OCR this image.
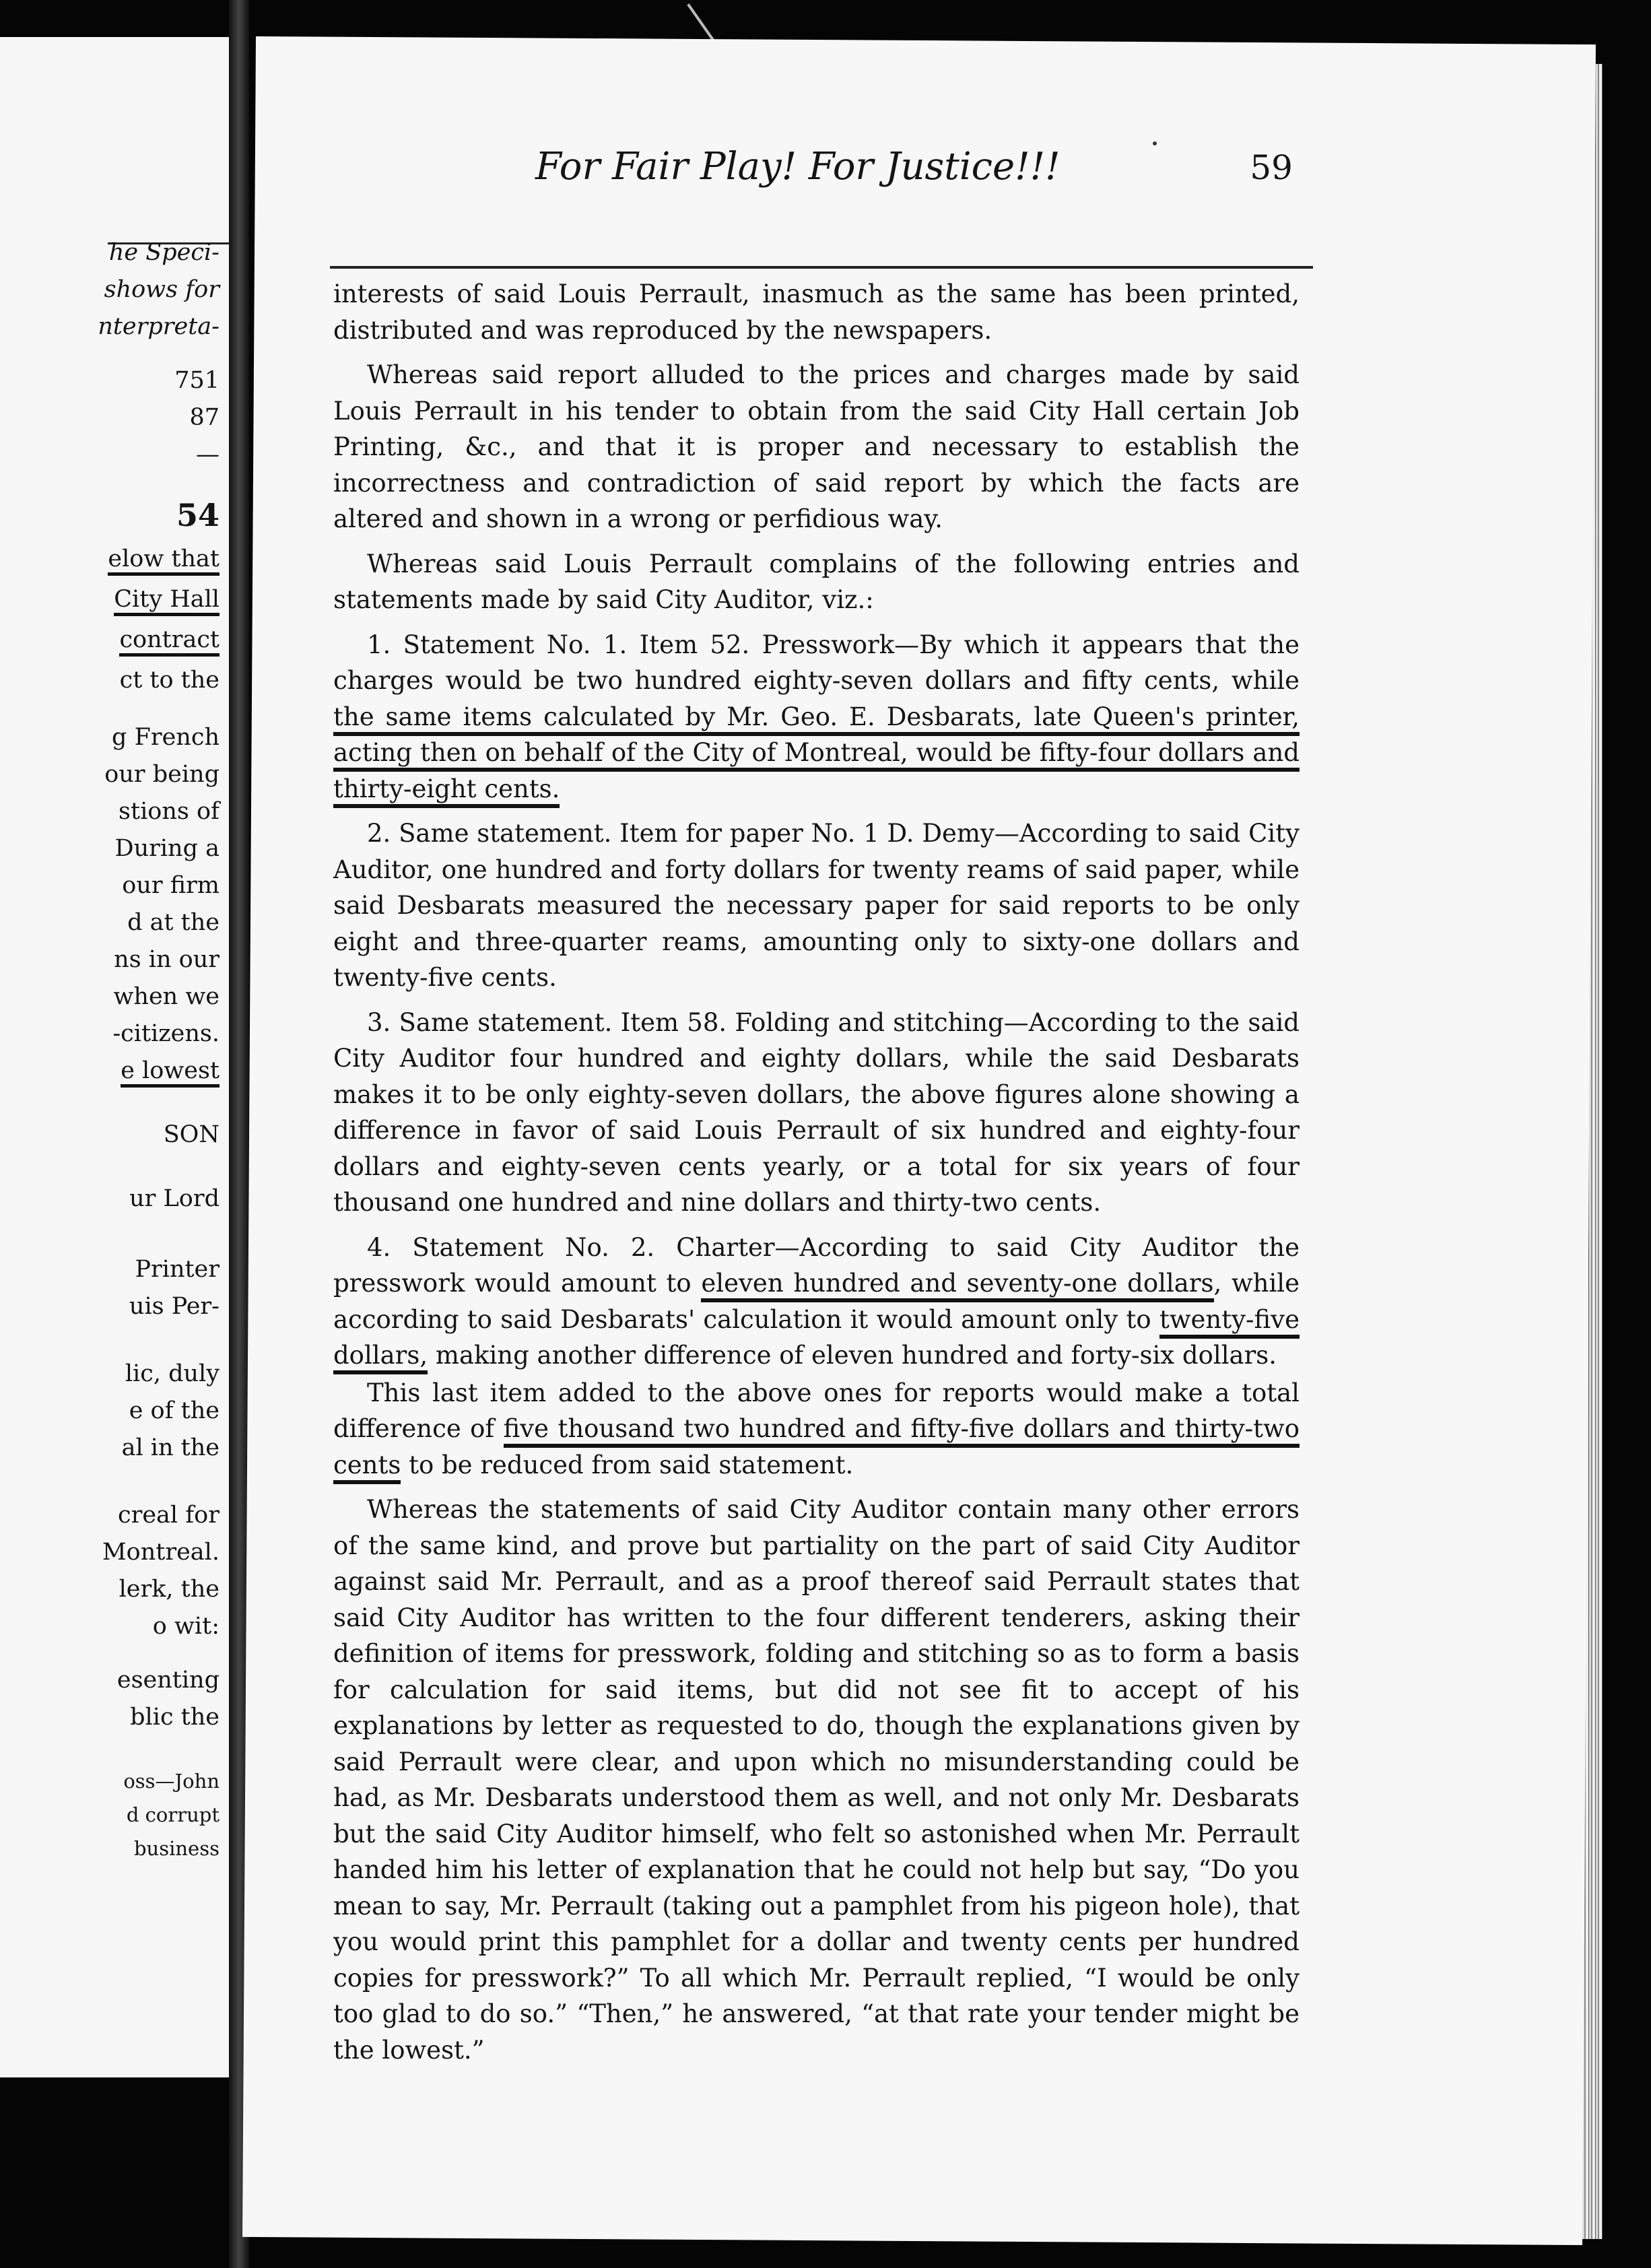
he Speci-
shows for
nterpreta-
751
87
—
54
elow that
City Hall
contract
ct to the
g French
our being
stions of
During a
our firm
d at the
ns in our
when we
-citizens.
e lowest
SON
ur Lord
Printer
uis Per-
lic, duly
e of the
al in the
creal for
Montreal.
lerk, the
o wit:
esenting
blic the
oss—John
d corrupt
business
For Fair Play! For Justice!!!	59

interests of said Louis Perrault, inasmuch as the same has been printed, distributed and was reproduced by the newspapers.

Whereas said report alluded to the prices and charges made by said Louis Perrault in his tender to obtain from the said City Hall certain Job Printing, &c., and that it is proper and necessary to establish the incorrectness and contradiction of said report by which the facts are altered and shown in a wrong or perfidious way.

Whereas said Louis Perrault complains of the following entries and statements made by said City Auditor, viz.:

1. Statement No. 1. Item 52. Presswork—By which it appears that the charges would be two hundred eighty-seven dollars and fifty cents, while the same items calculated by Mr. Geo. E. Desbarats, late Queen's printer, acting then on behalf of the City of Montreal, would be fifty-four dollars and thirty-eight cents.

2. Same statement. Item for paper No. 1 D. Demy—According to said City Auditor, one hundred and forty dollars for twenty reams of said paper, while said Desbarats measured the necessary paper for said reports to be only eight and three-quarter reams, amounting only to sixty-one dollars and twenty-five cents.

3. Same statement. Item 58. Folding and stitching—According to the said City Auditor four hundred and eighty dollars, while the said Desbarats makes it to be only eighty-seven dollars, the above figures alone showing a difference in favor of said Louis Perrault of six hundred and eighty-four dollars and eighty-seven cents yearly, or a total for six years of four thousand one hundred and nine dollars and thirty-two cents.

4. Statement No. 2. Charter—According to said City Auditor the presswork would amount to eleven hundred and seventy-one dollars, while according to said Desbarats' calculation it would amount only to twenty-five dollars, making another difference of eleven hundred and forty-six dollars.

This last item added to the above ones for reports would make a total difference of five thousand two hundred and fifty-five dollars and thirty-two cents to be reduced from said statement.

Whereas the statements of said City Auditor contain many other errors of the same kind, and prove but partiality on the part of said City Auditor against said Mr. Perrault, and as a proof thereof said Perrault states that said City Auditor has written to the four different tenderers, asking their definition of items for presswork, folding and stitching so as to form a basis for calculation for said items, but did not see fit to accept of his explanations by letter as requested to do, though the explanations given by said Perrault were clear, and upon which no misunderstanding could be had, as Mr. Desbarats understood them as well, and not only Mr. Desbarats but the said City Auditor himself, who felt so astonished when Mr. Perrault handed him his letter of explanation that he could not help but say, “Do you mean to say, Mr. Perrault (taking out a pamphlet from his pigeon hole), that you would print this pamphlet for a dollar and twenty cents per hundred copies for presswork?” To all which Mr. Perrault replied, “I would be only too glad to do so.” “Then,” he answered, “at that rate your tender might be the lowest.”
